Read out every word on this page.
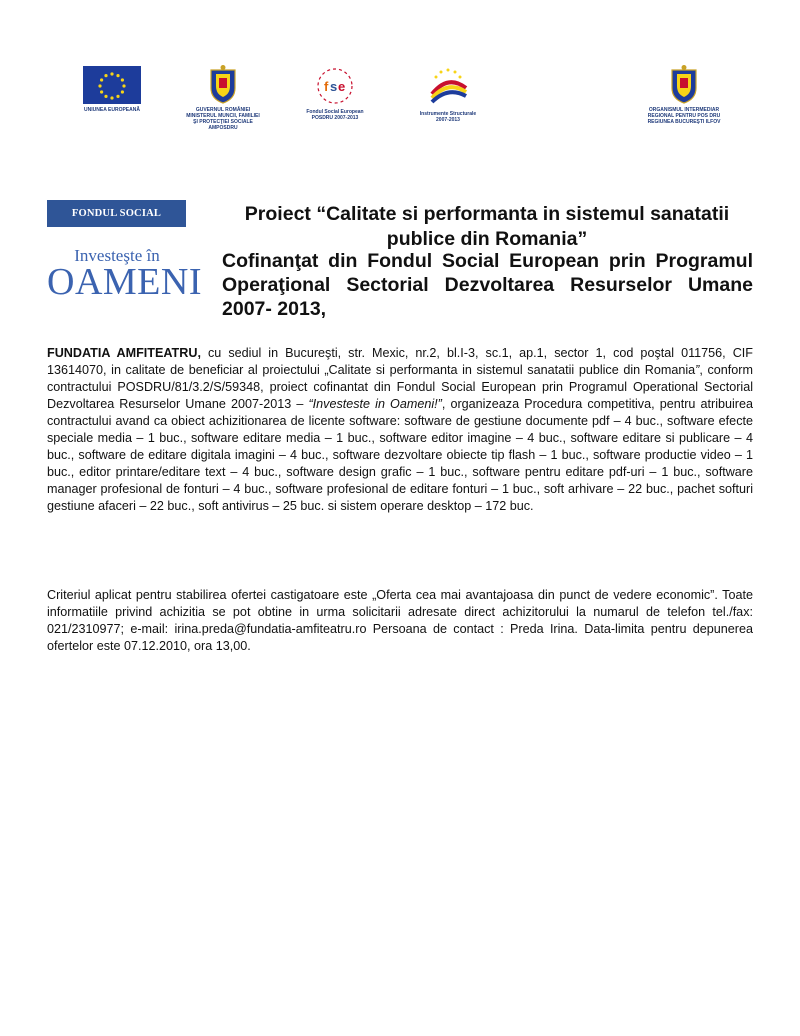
UNIUNEA EUROPEANĂ	GUVERNUL ROMÂNIEI
MINISTERUL MUNCII, FAMILIEI
ŞI PROTECŢIEI SOCIALE
AMPOSDRU
f s e
Fondul Social European
POSDRU 2007-2013
Instrumente Structurale
2007-2013
ORGANISMUL INTERMEDIAR
REGIONAL PENTRU POS DRU
REGIUNEA BUCUREŞTI ILFOV
FONDUL SOCIAL EUROPEAN
Investeşte în
OAMENI
Proiect “Calitate si performanta in sistemul sanatatii publice din Romania”
Cofinanţat din Fondul Social European prin Programul Operaţional Sectorial Dezvoltarea Resurselor Umane 2007- 2013,
FUNDATIA AMFITEATRU, cu sediul in Bucureşti, str. Mexic, nr.2, bl.I-3, sc.1, ap.1, sector 1, cod poştal 011756, CIF 13614070, in calitate de beneficiar al proiectului „Calitate si performanta in sistemul sanatatii publice din Romania”, conform contractului POSDRU/81/3.2/S/59348, proiect cofinantat din Fondul Social European prin Programul Operational Sectorial Dezvoltarea Resurselor Umane 2007-2013 – “Investeste in Oameni!”, organizeaza Procedura competitiva, pentru atribuirea contractului avand ca obiect achizitionarea de licente software: software de gestiune documente pdf – 4 buc., software efecte speciale media – 1 buc., software editare media – 1 buc., software editor imagine – 4 buc., software editare si publicare – 4 buc., software de editare digitala imagini – 4 buc., software dezvoltare obiecte tip flash – 1 buc., software productie video – 1 buc., editor printare/editare text – 4 buc., software design grafic – 1 buc., software pentru editare pdf-uri – 1 buc., software manager profesional de fonturi – 4 buc., software profesional de editare fonturi – 1 buc., soft arhivare – 22 buc., pachet softuri gestiune afaceri – 22 buc., soft antivirus – 25 buc. si sistem operare desktop – 172 buc.
Criteriul aplicat pentru stabilirea ofertei castigatoare este „Oferta cea mai avantajoasa din punct de vedere economic”. Toate informatiile privind achizitia se pot obtine in urma solicitarii adresate direct achizitorului la numarul de telefon tel./fax: 021/2310977; e-mail: irina.preda@fundatia-amfiteatru.ro Persoana de contact : Preda Irina. Data-limita pentru depunerea ofertelor este 07.12.2010, ora 13,00.
